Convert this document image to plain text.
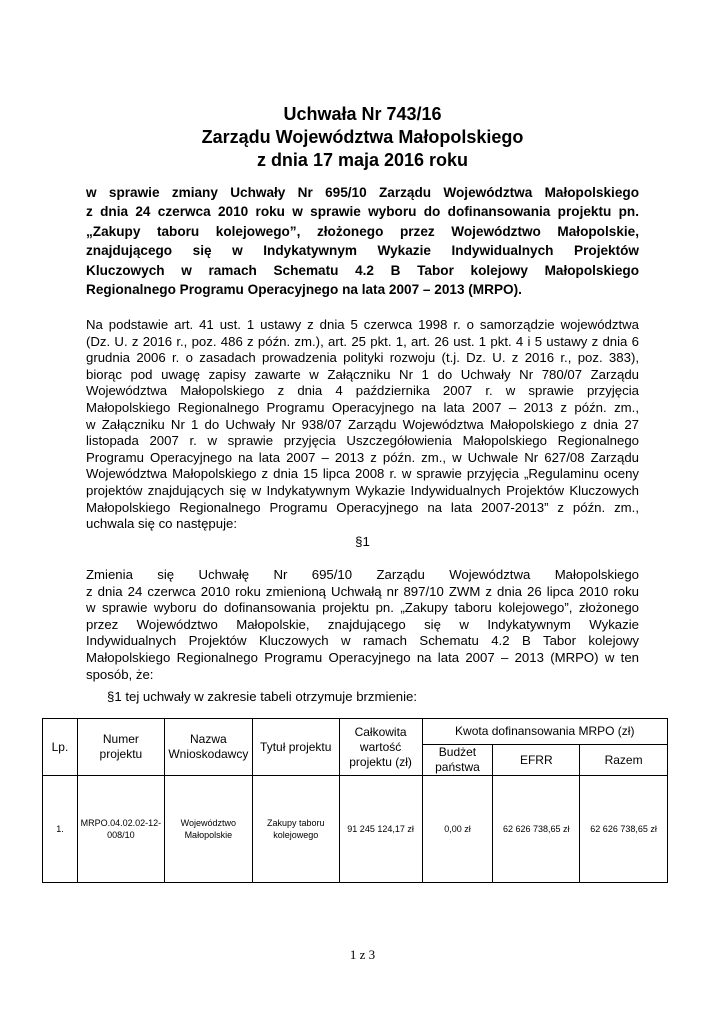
Uchwała Nr 743/16
Zarządu Województwa Małopolskiego
z dnia 17 maja 2016 roku
w sprawie zmiany Uchwały Nr 695/10 Zarządu Województwa Małopolskiego
z dnia 24 czerwca 2010 roku w sprawie wyboru do dofinansowania projektu pn.
„Zakupy taboru kolejowego”, złożonego przez Województwo Małopolskie,
znajdującego się w Indykatywnym Wykazie Indywidualnych Projektów
Kluczowych w ramach Schematu 4.2 B Tabor kolejowy Małopolskiego
Regionalnego Programu Operacyjnego na lata 2007 – 2013 (MRPO).
Na podstawie art. 41 ust. 1 ustawy z dnia 5 czerwca 1998 r. o samorządzie województwa
(Dz. U. z 2016 r., poz. 486 z późn. zm.), art. 25 pkt. 1, art. 26 ust. 1 pkt. 4 i 5 ustawy z dnia 6
grudnia 2006 r. o zasadach prowadzenia polityki rozwoju (t.j. Dz. U. z 2016 r., poz. 383),
biorąc pod uwagę zapisy zawarte w Załączniku Nr 1 do Uchwały Nr 780/07 Zarządu
Województwa Małopolskiego z dnia 4 października 2007 r. w sprawie przyjęcia
Małopolskiego Regionalnego Programu Operacyjnego na lata 2007 – 2013 z późn. zm.,
w Załączniku Nr 1 do Uchwały Nr 938/07 Zarządu Województwa Małopolskiego z dnia 27
listopada 2007 r. w sprawie przyjęcia Uszczegółowienia Małopolskiego Regionalnego
Programu Operacyjnego na lata 2007 – 2013 z późn. zm., w Uchwale Nr 627/08 Zarządu
Województwa Małopolskiego z dnia 15 lipca 2008 r. w sprawie przyjęcia „Regulaminu oceny
projektów znajdujących się w Indykatywnym Wykazie Indywidualnych Projektów Kluczowych
Małopolskiego Regionalnego Programu Operacyjnego na lata 2007-2013” z późn. zm.,
uchwala się co następuje:
§1
Zmienia się Uchwałę Nr 695/10 Zarządu Województwa Małopolskiego
z dnia 24 czerwca 2010 roku zmienioną Uchwałą nr 897/10 ZWM z dnia 26 lipca 2010 roku
w sprawie wyboru do dofinansowania projektu pn. „Zakupy taboru kolejowego”, złożonego
przez Województwo Małopolskie, znajdującego się w Indykatywnym Wykazie
Indywidualnych Projektów Kluczowych w ramach Schematu 4.2 B Tabor kolejowy
Małopolskiego Regionalnego Programu Operacyjnego na lata 2007 – 2013 (MRPO) w ten
sposób, że:
§1 tej uchwały w zakresie tabeli otrzymuje brzmienie:
Lp.	Numer projektu	Nazwa Wnioskodawcy	Tytuł projektu	Całkowita wartość projektu (zł)	Kwota dofinansowania MRPO (zł)		
					Budżet państwa	EFRR	Razem
1.	MRPO.04.02.02-12-008/10	Województwo Małopolskie	Zakupy taboru kolejowego	91 245 124,17 zł	0,00 zł	62 626 738,65 zł	62 626 738,65 zł
1 z 3
